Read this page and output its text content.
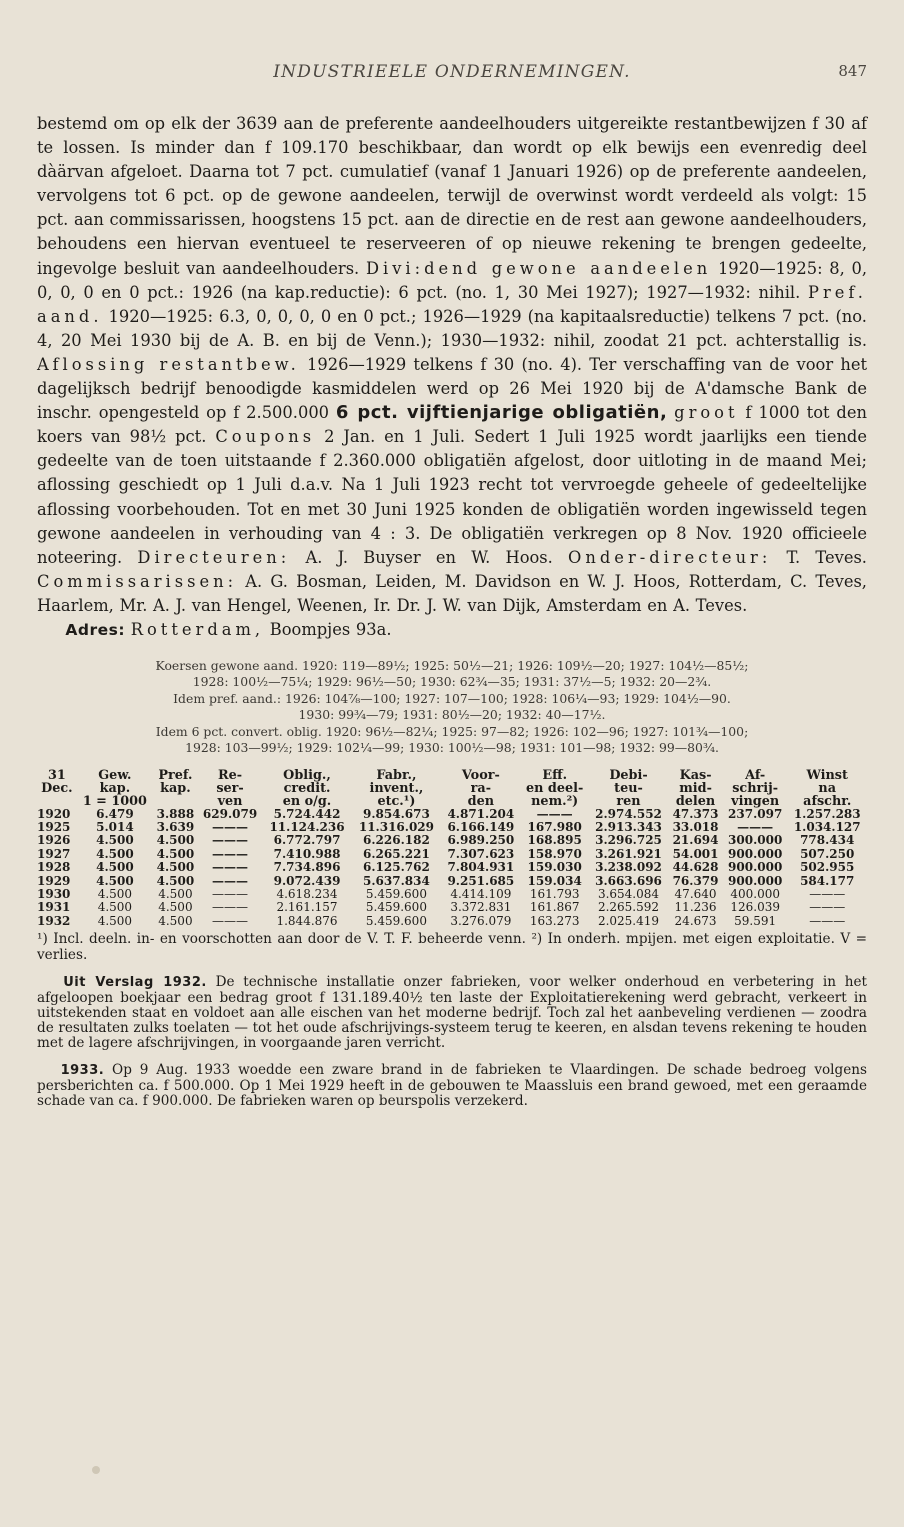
INDUSTRIEELE ONDERNEMINGEN.	847

bestemd om op elk der 3639 aan de preferente aandeelhouders uitgereikte restantbewijzen f 30 af te lossen. Is minder dan f 109.170 beschikbaar, dan wordt op elk bewijs een evenredig deel dàärvan afgeloet. Daarna tot 7 pct. cumulatief (vanaf 1 Januari 1926) op de preferente aandeelen, vervolgens tot 6 pct. op de gewone aandeelen, terwijl de overwinst wordt verdeeld als volgt: 15 pct. aan commissarissen, hoogstens 15 pct. aan de directie en de rest aan gewone aandeelhouders, behoudens een hiervan eventueel te reserveeren of op nieuwe rekening te brengen gedeelte, ingevolge besluit van aandeelhouders. Divi:dend gewone aandeelen 1920—1925: 8, 0, 0, 0, 0 en 0 pct.: 1926 (na kap.reductie): 6 pct. (no. 1, 30 Mei 1927); 1927—1932: nihil. Pref. aand. 1920—1925: 6.3, 0, 0, 0, 0 en 0 pct.; 1926—1929 (na kapitaalsreductie) telkens 7 pct. (no. 4, 20 Mei 1930 bij de A. B. en bij de Venn.); 1930—1932: nihil, zoodat 21 pct. achterstallig is. Aflossing restantbew. 1926—1929 telkens f 30 (no. 4). Ter verschaffing van de voor het dagelijksch bedrijf benoodigde kasmiddelen werd op 26 Mei 1920 bij de A'damsche Bank de inschr. opengesteld op f 2.500.000 6 pct. vijftienjarige obligatiën, groot f 1000 tot den koers van 98½ pct. Coupons 2 Jan. en 1 Juli. Sedert 1 Juli 1925 wordt jaarlijks een tiende gedeelte van de toen uitstaande f 2.360.000 obligatiën afgelost, door uitloting in de maand Mei; aflossing geschiedt op 1 Juli d.a.v. Na 1 Juli 1923 recht tot vervroegde geheele of gedeeltelijke aflossing voorbehouden. Tot en met 30 Juni 1925 konden de obligatiën worden ingewisseld tegen gewone aandeelen in verhouding van 4 : 3. De obligatiën verkregen op 8 Nov. 1920 officieele noteering. Directeuren: A. J. Buyser en W. Hoos. Onder-directeur: T. Teves. Commissarissen: A. G. Bosman, Leiden, M. Davidson en W. J. Hoos, Rotterdam, C. Teves, Haarlem, Mr. A. J. van Hengel, Weenen, Ir. Dr. J. W. van Dijk, Amsterdam en A. Teves.

Adres: Rotterdam, Boompjes 93a.

Koersen gewone aand. 1920: 119—89½; 1925: 50½—21; 1926: 109½—20; 1927: 104½—85½;
1928: 100½—75¼; 1929: 96½—50; 1930: 62¾—35; 1931: 37½—5; 1932: 20—2¾.
Idem pref. aand.: 1926: 104⅞—100; 1927: 107—100; 1928: 106¼—93; 1929: 104½—90.
1930: 99¾—79; 1931: 80½—20; 1932: 40—17½.
Idem 6 pct. convert. oblig. 1920: 96½—82¼; 1925: 97—82; 1926: 102—96; 1927: 101¾—100;
1928: 103—99½; 1929: 102¼—99; 1930: 100½—98; 1931: 101—98; 1932: 99—80¾.
31	Gew.	Pref.	Re-	Oblig.,	Fabr.,	Voor-	Eff.	Debi-	Kas-	Af-	Winst
Dec.	kap.	kap.	ser-	credit.	invent.,	ra-	en deel-	teu-	mid-	schrij-	na
	1 = 1000		ven	en o/g.	etc.¹)	den	nem.²)	ren	delen	vingen	afschr.
1920	6.479	3.888	629.079	5.724.442	9.854.673	4.871.204	———	2.974.552	47.373	237.097	1.257.283
1925	5.014	3.639	———	11.124.236	11.316.029	6.166.149	167.980	2.913.343	33.018	———	1.034.127
1926	4.500	4.500	———	6.772.797	6.226.182	6.989.250	168.895	3.296.725	21.694	300.000	778.434
1927	4.500	4.500	———	7.410.988	6.265.221	7.307.623	158.970	3.261.921	54.001	900.000	507.250
1928	4.500	4.500	———	7.734.896	6.125.762	7.804.931	159.030	3.238.092	44.628	900.000	502.955
1929	4.500	4.500	———	9.072.439	5.637.834	9.251.685	159.034	3.663.696	76.379	900.000	584.177
1930	4.500	4.500	———	4.618.234	5.459.600	4.414.109	161.793	3.654.084	47.640	400.000	———
1931	4.500	4.500	———	2.161.157	5.459.600	3.372.831	161.867	2.265.592	11.236	126.039	———
1932	4.500	4.500	———	1.844.876	5.459.600	3.276.079	163.273	2.025.419	24.673	59.591	———
¹) Incl. deeln. in- en voorschotten aan door de V. T. F. beheerde venn. ²) In onderh. mpijen. met eigen exploitatie. V = verlies.

Uit Verslag 1932. De technische installatie onzer fabrieken, voor welker onderhoud en verbetering in het afgeloopen boekjaar een bedrag groot f 131.189.40½ ten laste der Exploitatierekening werd gebracht, verkeert in uitstekenden staat en voldoet aan alle eischen van het moderne bedrijf. Toch zal het aanbeveling verdienen — zoodra de resultaten zulks toelaten — tot het oude afschrijvings-systeem terug te keeren, en alsdan tevens rekening te houden met de lagere afschrijvingen, in voorgaande jaren verricht.

1933. Op 9 Aug. 1933 woedde een zware brand in de fabrieken te Vlaardingen. De schade bedroeg volgens persberichten ca. f 500.000. Op 1 Mei 1929 heeft in de gebouwen te Maassluis een brand gewoed, met een geraamde schade van ca. f 900.000. De fabrieken waren op beurspolis verzekerd.
